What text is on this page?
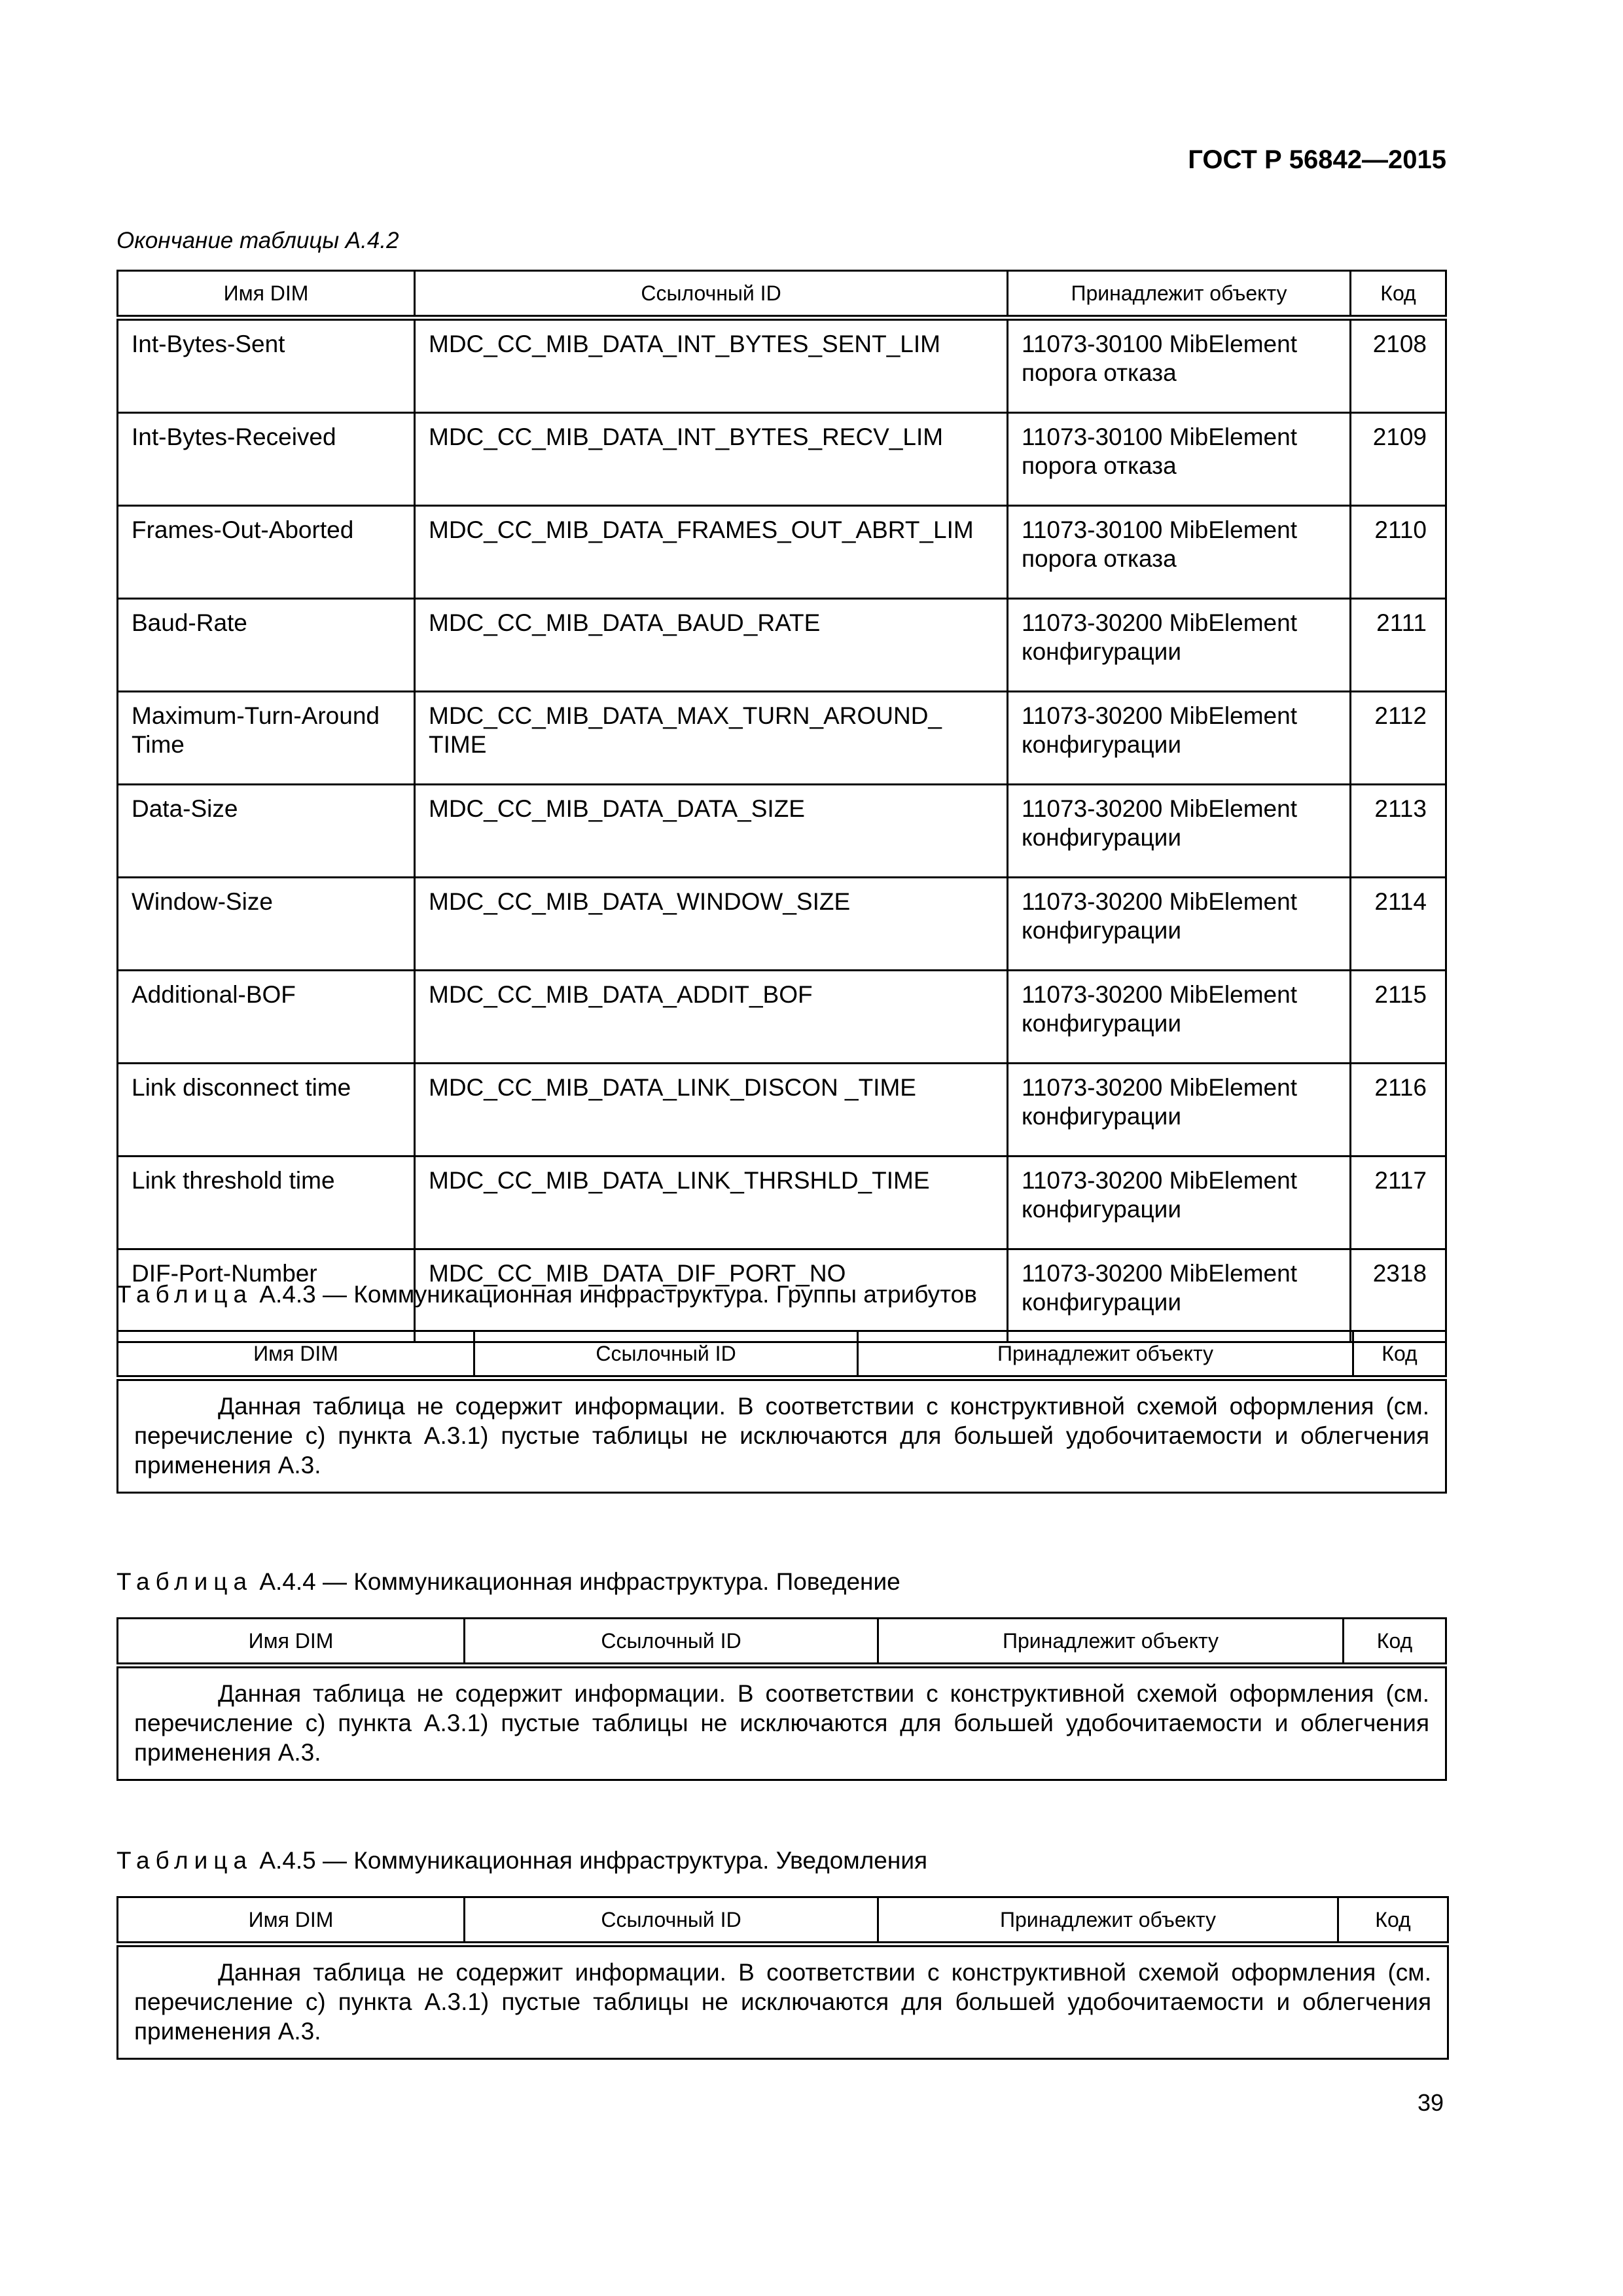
ГОСТ Р 56842—2015
Окончание таблицы А.4.2
Имя DIM	Ссылочный ID	Принадлежит объекту	Код
Int-Bytes-Sent	MDC_CC_MIB_DATA_INT_BYTES_SENT_LIM	11073-30100 MibElement порога отказа	2108
Int-Bytes-Received	MDC_CC_MIB_DATA_INT_BYTES_RECV_LIM	11073-30100 MibElement порога отказа	2109
Frames-Out-Aborted	MDC_CC_MIB_DATA_FRAMES_OUT_ABRT_LIM	11073-30100 MibElement порога отказа	2110
Baud-Rate	MDC_CC_MIB_DATA_BAUD_RATE	11073-30200 MibElement конфигурации	2111
Maximum-Turn-Around Time	MDC_CC_MIB_DATA_MAX_TURN_AROUND_ TIME	11073-30200 MibElement конфигурации	2112
Data-Size	MDC_CC_MIB_DATA_DATA_SIZE	11073-30200 MibElement конфигурации	2113
Window-Size	MDC_CC_MIB_DATA_WINDOW_SIZE	11073-30200 MibElement конфигурации	2114
Additional-BOF	MDC_CC_MIB_DATA_ADDIT_BOF	11073-30200 MibElement конфигурации	2115
Link disconnect time	MDC_CC_MIB_DATA_LINK_DISCON _TIME	11073-30200 MibElement конфигурации	2116
Link threshold time	MDC_CC_MIB_DATA_LINK_THRSHLD_TIME	11073-30200 MibElement конфигурации	2117
DIF-Port-Number	MDC_CC_MIB_DATA_DIF_PORT_NO	11073-30200 MibElement конфигурации	2318
Таблица А.4.3 — Коммуникационная инфраструктура. Группы атрибутов
Имя DIM	Ссылочный ID	Принадлежит объекту	Код
Данная таблица не содержит информации. В соответствии с конструктивной схемой оформления (см. перечисление с) пункта А.3.1) пустые таблицы не исключаются для большей удобочитаемости и облегчения применения А.3.
Таблица А.4.4 — Коммуникационная инфраструктура. Поведение
Имя DIM	Ссылочный ID	Принадлежит объекту	Код
Данная таблица не содержит информации. В соответствии с конструктивной схемой оформления (см. перечисление с) пункта А.3.1) пустые таблицы не исключаются для большей удобочитаемости и облегчения применения А.3.
Таблица А.4.5 — Коммуникационная инфраструктура. Уведомления
Имя DIM	Ссылочный ID	Принадлежит объекту	Код
Данная таблица не содержит информации. В соответствии с конструктивной схемой оформления (см. перечисление с) пункта А.3.1) пустые таблицы не исключаются для большей удобочитаемости и облегчения применения А.3.
39
